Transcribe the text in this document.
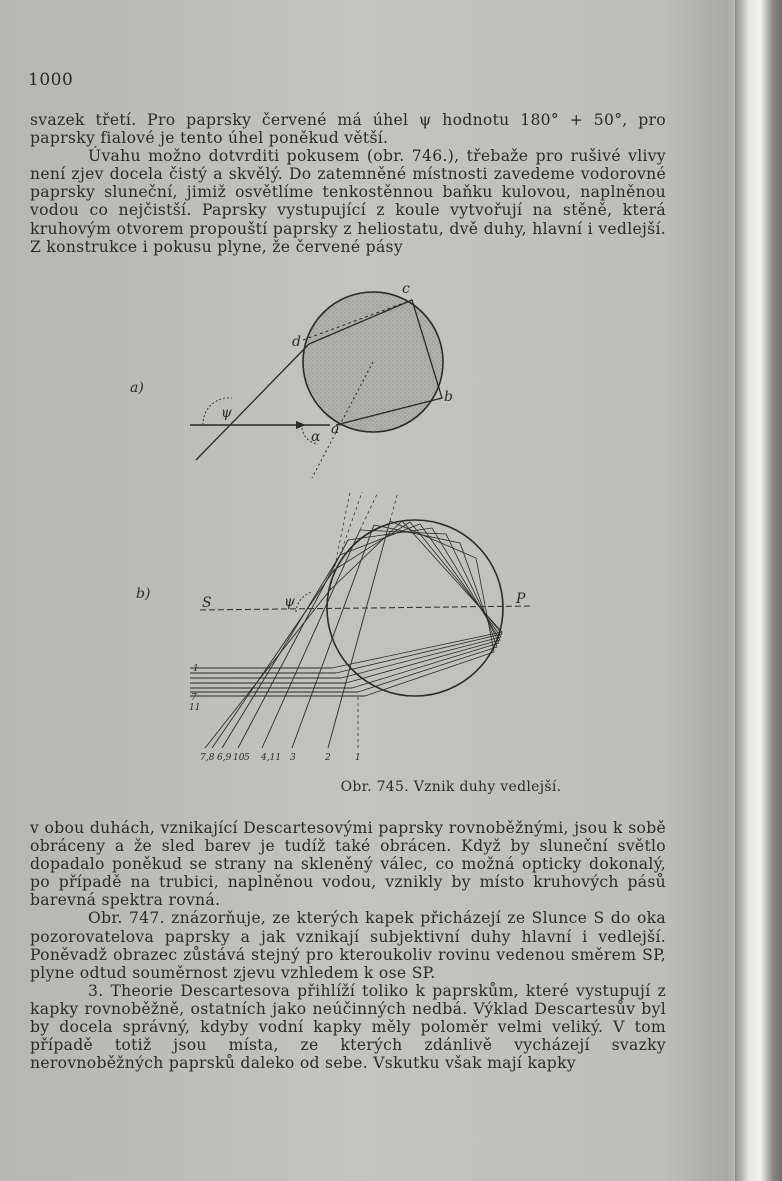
1000

svazek třetí. Pro paprsky červené má úhel ψ hodnotu 180° + 50°, pro paprsky fialové je tento úhel poněkud větší.
Úvahu možno dotvrditi pokusem (obr. 746.), třebaže pro rušivé vlivy není zjev docela čistý a skvělý. Do zatemněné místnosti zavedeme vodorovné paprsky sluneční, jimiž osvětlíme tenkostěnnou baňku kulovou, naplněnou vodou co nejčistší. Paprsky vystupující z koule vytvořují na stěně, která kruhovým otvorem propouští paprsky z heliostatu, dvě duhy, hlavní i vedlejší. Z konstrukce i pokusu plyne, že červené pásy

a)
c
d
b
a
ψ
α
b)
S	P
ψ
1
7
11
7,8 6,9 10 5 4,11 3	2	1
Obr. 745. Vznik duhy vedlejší.

v obou duhách, vznikající Descartesovými paprsky rovnoběžnými, jsou k sobě obráceny a že sled barev je tudíž také obrácen. Když by sluneční světlo dopadalo poněkud se strany na skleněný válec, co možná opticky dokonalý, po případě na trubici, naplněnou vodou, vznikly by místo kruhových pásů barevná spektra rovná.
Obr. 747. znázorňuje, ze kterých kapek přicházejí ze Slunce S do oka pozorovatelova paprsky a jak vznikají subjektivní duhy hlavní i vedlejší. Poněvadž obrazec zůstává stejný pro kteroukoliv rovinu vedenou směrem SP, plyne odtud souměrnost zjevu vzhledem k ose SP.
3. Theorie Descartesova přihlíží toliko k paprskům, které vystupují z kapky rovnoběžně, ostatních jako neúčinných nedbá. Výklad Descartesův byl by docela správný, kdyby vodní kapky měly poloměr velmi veliký. V tom případě totiž jsou místa, ze kterých zdánlivě vycházejí svazky nerovnoběžných paprsků daleko od sebe. Vskutku však mají kapky
